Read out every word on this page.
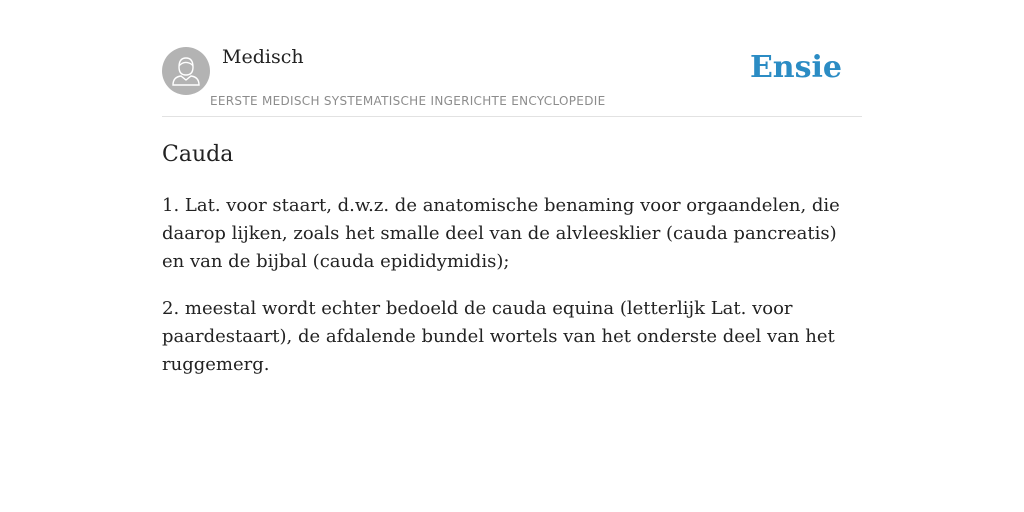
Medisch
EERSTE MEDISCH SYSTEMATISCHE INGERICHTE ENCYCLOPEDIE
Ensie
Cauda

1. Lat. voor staart, d.w.z. de anatomische benaming voor orgaandelen, die daarop lijken, zoals het smalle deel van de alvleesklier (cauda pancreatis) en van de bijbal (cauda epididymidis);

2. meestal wordt echter bedoeld de cauda equina (letterlijk Lat. voor paardestaart), de afdalende bundel wortels van het onderste deel van het ruggemerg.
